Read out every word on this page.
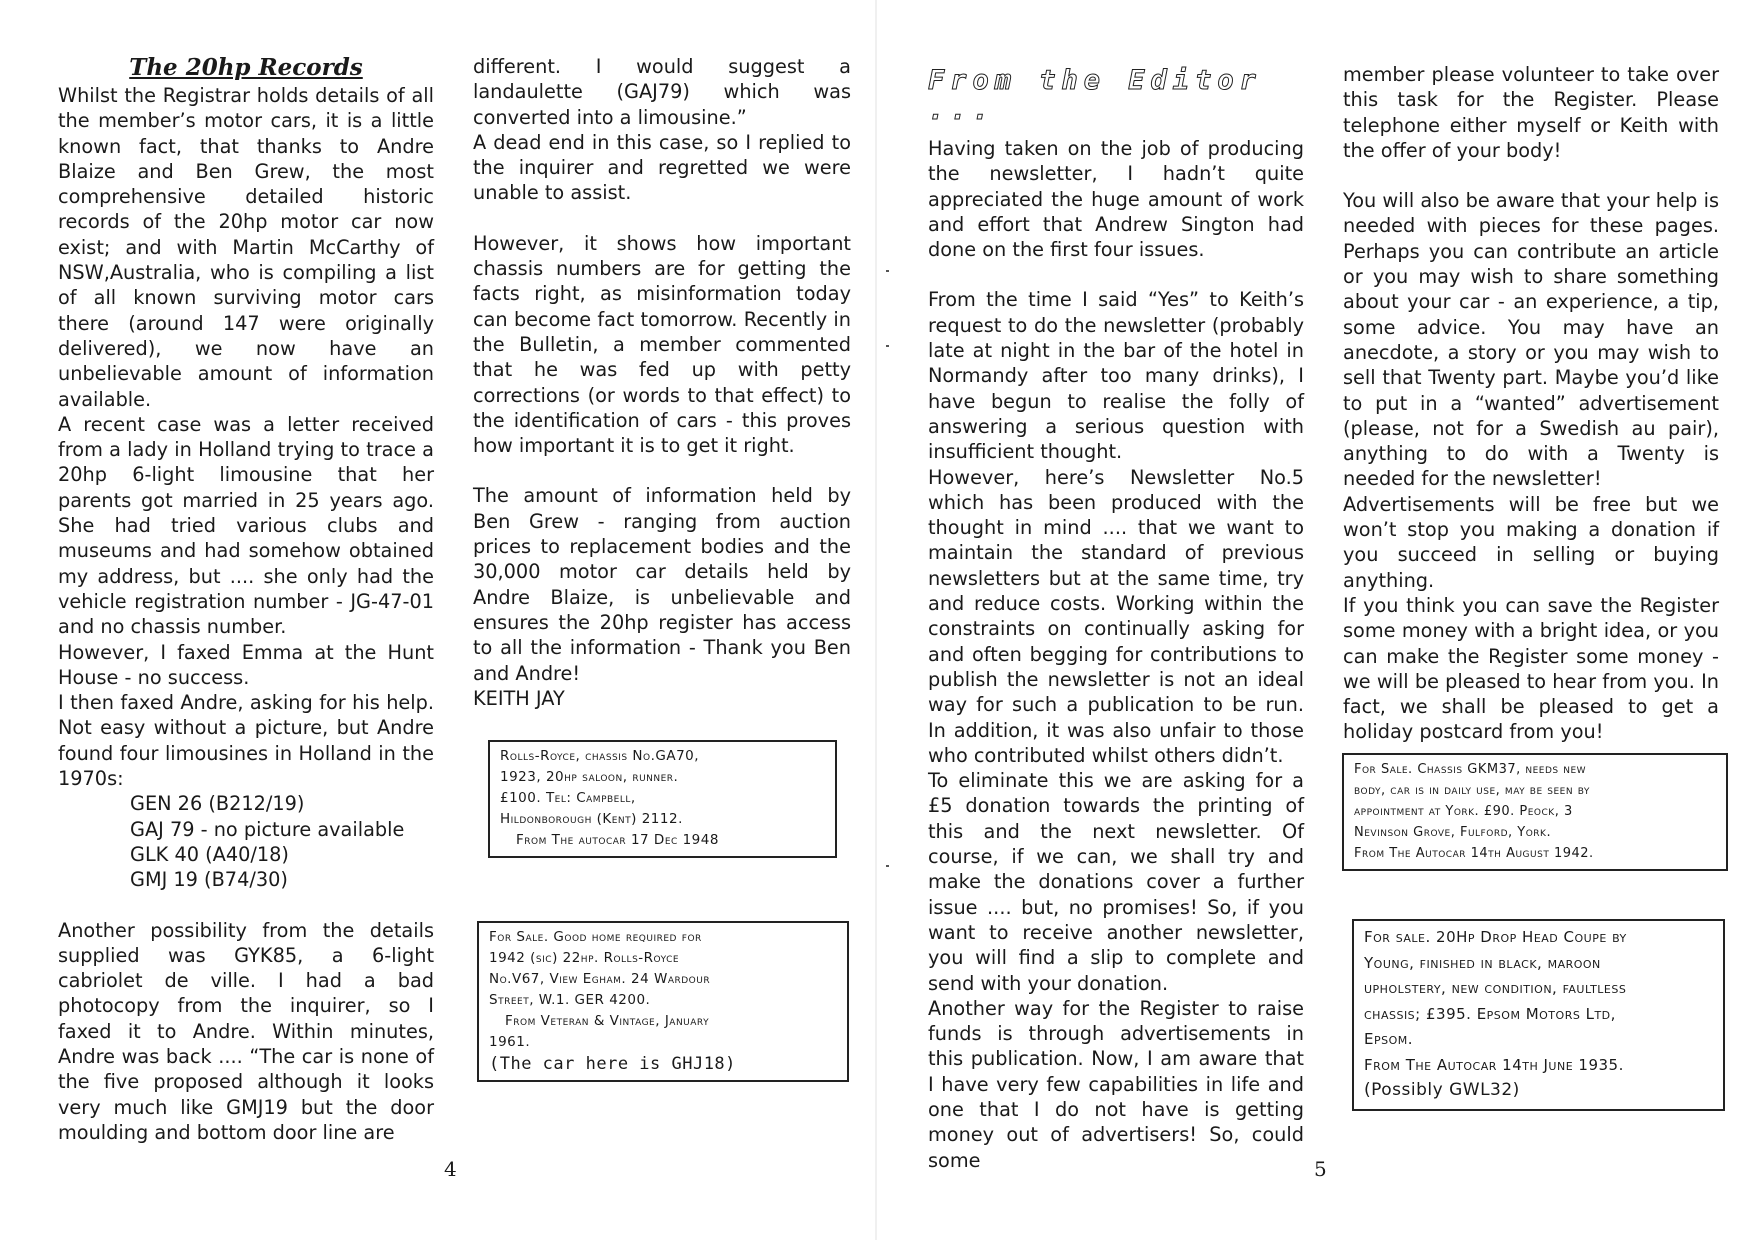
The 20hp Records

Whilst the Registrar holds details of all the member’s motor cars, it is a little known fact, that thanks to Andre Blaize and Ben Grew, the most comprehensive detailed historic records of the 20hp motor car now exist; and with Martin McCarthy of NSW,Australia, who is compiling a list of all known surviving motor cars there (around 147 were originally delivered), we now have an unbelievable amount of information available.

A recent case was a letter received from a lady in Holland trying to trace a 20hp 6-light limousine that her parents got married in 25 years ago. She had tried various clubs and museums and had somehow obtained my address, but .... she only had the vehicle registration number - JG-47-01 and no chassis number.

However, I faxed Emma at the Hunt House - no success.

I then faxed Andre, asking for his help. Not easy without a picture, but Andre found four limousines in Holland in the 1970s:

GEN 26 (B212/19)
GAJ 79 - no picture available
GLK 40 (A40/18)
GMJ 19 (B74/30)

Another possibility from the details supplied was GYK85, a 6-light cabriolet de ville. I had a bad photocopy from the inquirer, so I faxed it to Andre. Within minutes, Andre was back .... “The car is none of the five proposed although it looks very much like GMJ19 but the door moulding and bottom door line are

different. I would suggest a landaulette (GAJ79) which was converted into a limousine.”

A dead end in this case, so I replied to the inquirer and regretted we were unable to assist.

However, it shows how important chassis numbers are for getting the facts right, as misinformation today can become fact tomorrow. Recently in the Bulletin, a member commented that he was fed up with petty corrections (or words to that effect) to the identification of cars - this proves how important it is to get it right.

The amount of information held by Ben Grew - ranging from auction prices to replacement bodies and the 30,000 motor car details held by Andre Blaize, is unbelievable and ensures the 20hp register has access to all the information - Thank you Ben and Andre!

KEITH JAY

Rolls-Royce, chassis No.GA70,
1923, 20hp saloon, runner.
£100. Tel: Campbell,
Hildonborough (Kent) 2112.
From The autocar 17 Dec 1948
For Sale. Good home required for
1942 (sic) 22hp. Rolls-Royce
No.V67, View Egham. 24 Wardour
Street, W.1. GER 4200.
From Veteran & Vintage, January
1961.
(The car here is GHJ18)
4
From the Editor ...

Having taken on the job of producing the newsletter, I hadn’t quite appreciated the huge amount of work and effort that Andrew Sington had done on the first four issues.

From the time I said “Yes” to Keith’s request to do the newsletter (probably late at night in the bar of the hotel in Normandy after too many drinks), I have begun to realise the folly of answering a serious question with insufficient thought.

However, here’s Newsletter No.5 which has been produced with the thought in mind .... that we want to maintain the standard of previous newsletters but at the same time, try and reduce costs. Working within the constraints on continually asking for and often begging for contributions to publish the newsletter is not an ideal way for such a publication to be run. In addition, it was also unfair to those who contributed whilst others didn’t.

To eliminate this we are asking for a £5 donation towards the printing of this and the next newsletter. Of course, if we can, we shall try and make the donations cover a further issue .... but, no promises! So, if you want to receive another newsletter, you will find a slip to complete and send with your donation.

Another way for the Register to raise funds is through advertisements in this publication. Now, I am aware that I have very few capabilities in life and one that I do not have is getting money out of advertisers! So, could some

member please volunteer to take over this task for the Register. Please telephone either myself or Keith with the offer of your body!

You will also be aware that your help is needed with pieces for these pages. Perhaps you can contribute an article or you may wish to share something about your car - an experience, a tip, some advice. You may have an anecdote, a story or you may wish to sell that Twenty part. Maybe you’d like to put in a “wanted” advertisement (please, not for a Swedish au pair), anything to do with a Twenty is needed for the newsletter!

Advertisements will be free but we won’t stop you making a donation if you succeed in selling or buying anything.

If you think you can save the Register some money with a bright idea, or you can make the Register some money - we will be pleased to hear from you. In fact, we shall be pleased to get a holiday postcard from you!

For Sale. Chassis GKM37, needs new
body, car is in daily use, may be seen by
appointment at York. £90. Peock, 3
Nevinson Grove, Fulford, York.
From The Autocar 14th August 1942.
For sale. 20Hp Drop Head Coupe by
Young, finished in black, maroon
upholstery, new condition, faultless
chassis; £395. Epsom Motors Ltd,
Epsom.
From The Autocar 14th June 1935.
(Possibly GWL32)
5
